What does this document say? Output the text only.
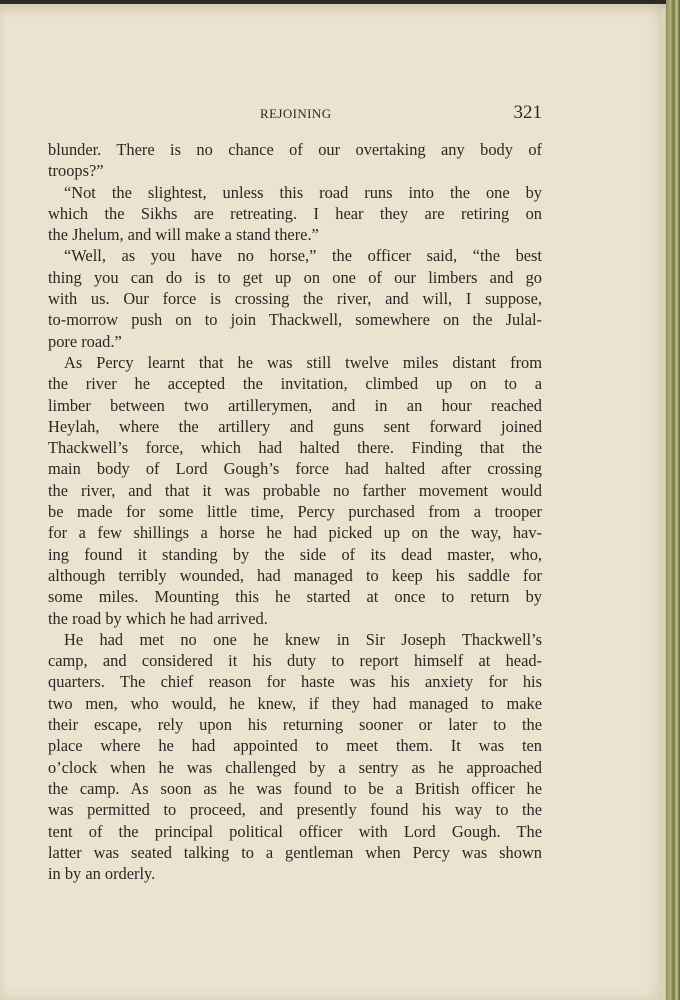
REJOINING	321
blunder. There is no chance of our overtaking any body of
troops?”
“Not the slightest, unless this road runs into the one by
which the Sikhs are retreating. I hear they are retiring on
the Jhelum, and will make a stand there.”
“Well, as you have no horse,” the officer said, “the best
thing you can do is to get up on one of our limbers and go
with us. Our force is crossing the river, and will, I suppose,
to-morrow push on to join Thackwell, somewhere on the Julal-
pore road.”
As Percy learnt that he was still twelve miles distant from
the river he accepted the invitation, climbed up on to a
limber between two artillerymen, and in an hour reached
Heylah, where the artillery and guns sent forward joined
Thackwell’s force, which had halted there. Finding that the
main body of Lord Gough’s force had halted after crossing
the river, and that it was probable no farther movement would
be made for some little time, Percy purchased from a trooper
for a few shillings a horse he had picked up on the way, hav-
ing found it standing by the side of its dead master, who,
although terribly wounded, had managed to keep his saddle for
some miles. Mounting this he started at once to return by
the road by which he had arrived.
He had met no one he knew in Sir Joseph Thackwell’s
camp, and considered it his duty to report himself at head-
quarters. The chief reason for haste was his anxiety for his
two men, who would, he knew, if they had managed to make
their escape, rely upon his returning sooner or later to the
place where he had appointed to meet them. It was ten
o’clock when he was challenged by a sentry as he approached
the camp. As soon as he was found to be a British officer he
was permitted to proceed, and presently found his way to the
tent of the principal political officer with Lord Gough. The
latter was seated talking to a gentleman when Percy was shown
in by an orderly.
